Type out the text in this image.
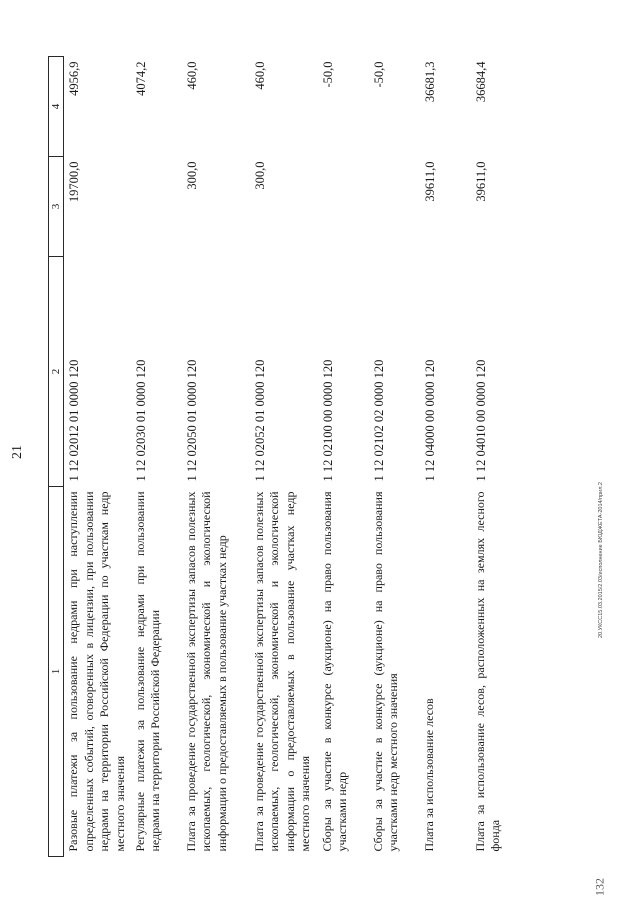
21
1	2	3	4
Разовые платежи за пользование недрами при наступлении определенных событий, оговоренных в лицензии, при пользовании недрами на территории Российской Федерации по участкам недр местного значения	1 12 02012 01 0000 120	19700,0	4956,9
Регулярные платежи за пользование недрами при пользовании недрами на территории Российской Федерации	1 12 02030 01 0000 120		4074,2
Плата за проведение государственной экспертизы запасов полезных ископаемых, геологической, экономической и экологической информации о предоставляемых в пользование участках недр	1 12 02050 01 0000 120	300,0	460,0
Плата за проведение государственной экспертизы запасов полезных ископаемых, геологической, экономической и экологической информации о предоставляемых в пользование участках недр местного значения	1 12 02052 01 0000 120	300,0	460,0
Сборы за участие в конкурсе (аукционе) на право пользования участками недр	1 12 02100 00 0000 120		-50,0
Сборы за участие в конкурсе (аукционе) на право пользования участками недр местного значения	1 12 02102 02 0000 120		-50,0
Плата за использование лесов	1 12 04000 00 0000 120	39611,0	36681,3
Плата за использование лесов, расположенных на землях лесного фонда	1 12 04010 00 0000 120	39611,0	36684,4
20.УКСС15.03.2015/2.03/исполнение БЮДЖЕТА-2014/прил.2
132
